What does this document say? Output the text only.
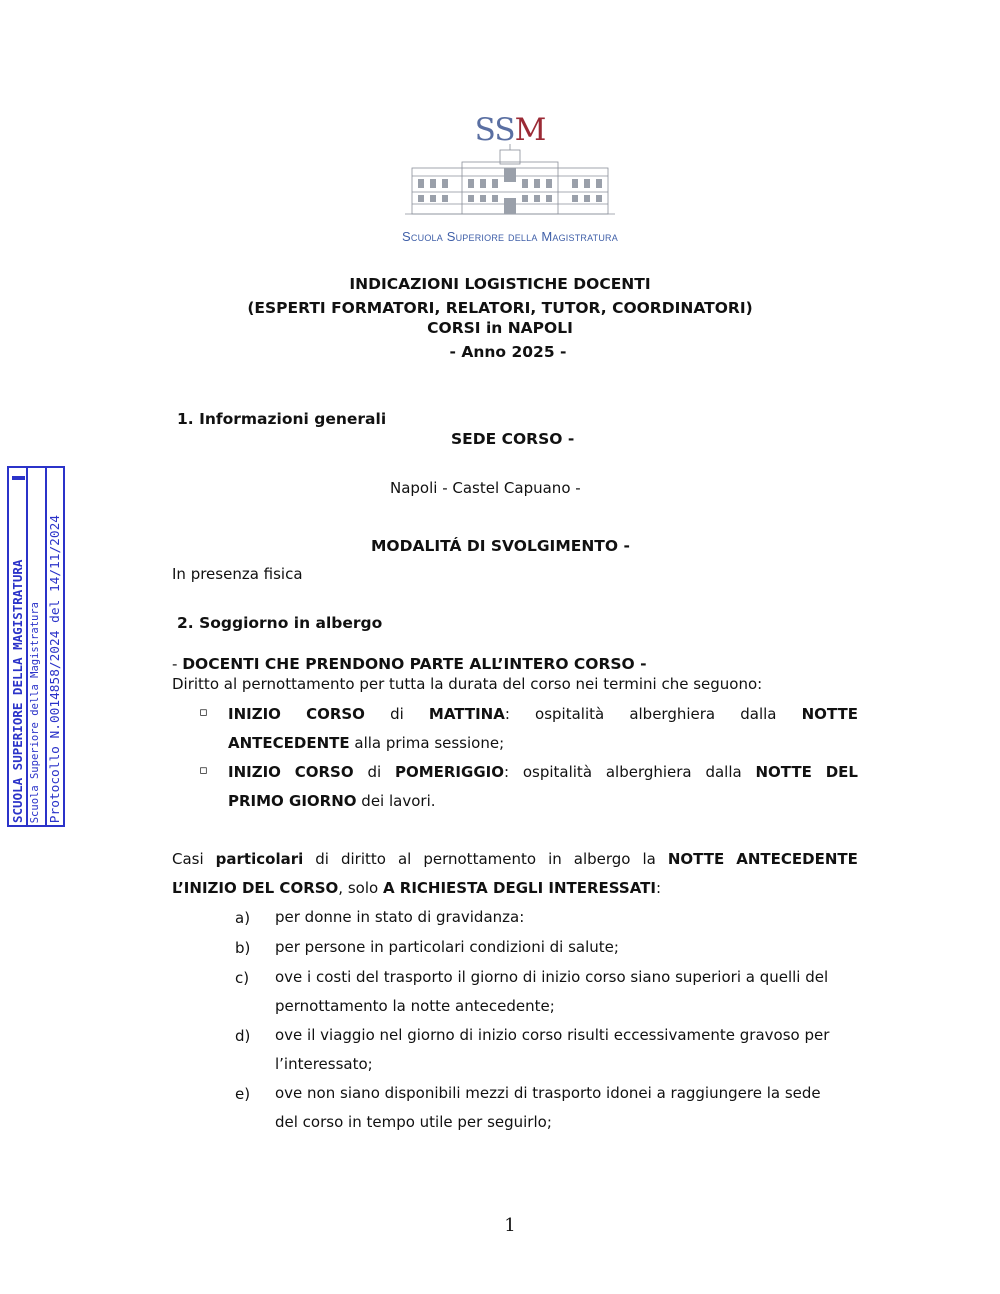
SSM
Scuola Superiore della Magistratura
INDICAZIONI LOGISTICHE DOCENTI
(ESPERTI FORMATORI, RELATORI, TUTOR, COORDINATORI)
CORSI in NAPOLI
- Anno 2025 -
SCUOLA SUPERIORE DELLA MAGISTRATURA Scuola Superiore della Magistratura Protocollo N.0014858/2024 del 14/11/2024
1. Informazioni generali
SEDE CORSO -
Napoli - Castel Capuano -
MODALITÁ DI SVOLGIMENTO -
In presenza fisica
2. Soggiorno in albergo
- DOCENTI CHE PRENDONO PARTE ALL’INTERO CORSO -
Diritto al pernottamento per tutta la durata del corso nei termini che seguono:
▫ INIZIO CORSO di MATTINA: ospitalità alberghiera dalla NOTTE
ANTECEDENTE alla prima sessione;
▫ INIZIO CORSO di POMERIGGIO: ospitalità alberghiera dalla NOTTE DEL
PRIMO GIORNO dei lavori.
Casi particolari di diritto al pernottamento in albergo la NOTTE ANTECEDENTE
L’INIZIO DEL CORSO, solo A RICHIESTA DEGLI INTERESSATI:
a) per donne in stato di gravidanza:
b) per persone in particolari condizioni di salute;
c) ove i costi del trasporto il giorno di inizio corso siano superiori a quelli del pernottamento la notte antecedente;
d) ove il viaggio nel giorno di inizio corso risulti eccessivamente gravoso per l’interessato;
e) ove non siano disponibili mezzi di trasporto idonei a raggiungere la sede del corso in tempo utile per seguirlo;
1
